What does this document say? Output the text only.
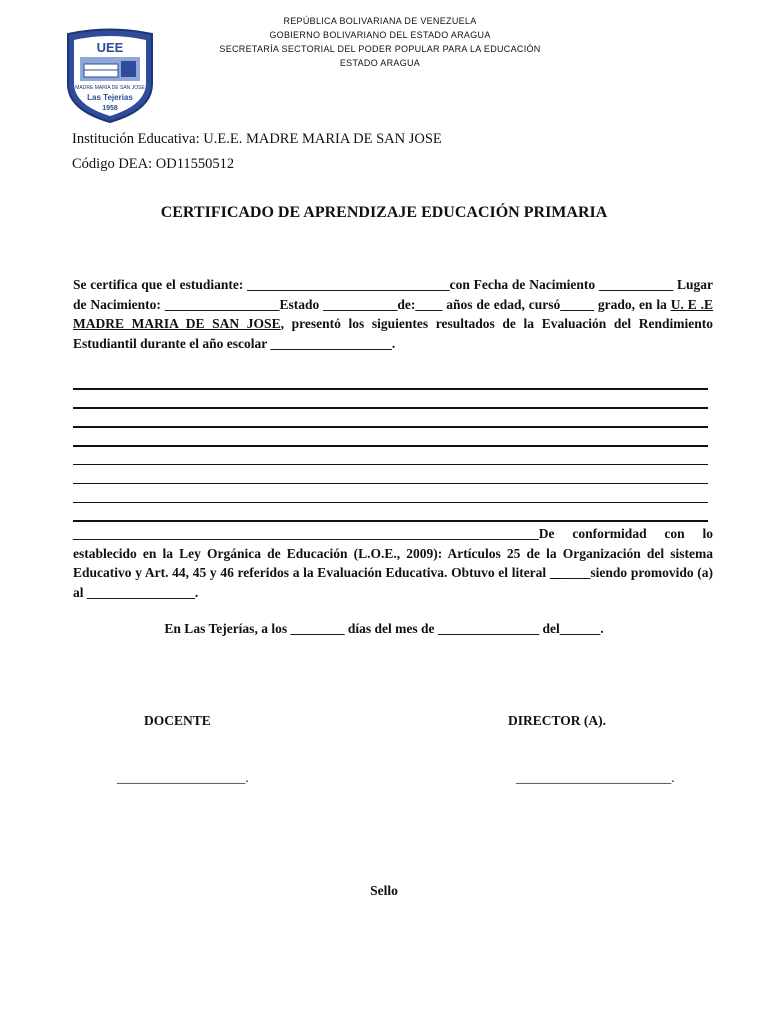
UEE
MADRE MARIA DE SAN JOSE
Las Tejerias
1958
REPÚBLICA BOLIVARIANA DE VENEZUELA
GOBIERNO BOLIVARIANO DEL ESTADO ARAGUA
SECRETARÍA SECTORIAL DEL PODER POPULAR PARA LA EDUCACIÓN
ESTADO ARAGUA
Institución Educativa: U.E.E. MADRE MARIA DE SAN JOSE
Código DEA: OD11550512
CERTIFICADO DE APRENDIZAJE EDUCACIÓN PRIMARIA

Se certifica que el estudiante: ______________________________con Fecha de Nacimiento ___________ Lugar de Nacimiento: _________________Estado ___________de:____ años de edad, cursó_____ grado, en la U. E .E MADRE MARIA DE SAN JOSE, presentó los siguientes resultados de la Evaluación del Rendimiento Estudiantil durante el año escolar __________________.

_____________________________________________________________________De conformidad con lo establecido en la Ley Orgánica de Educación (L.O.E., 2009): Artículos 25 de la Organización del sistema Educativo y Art. 44, 45 y 46 referidos a la Evaluación Educativa. Obtuvo el literal ______siendo promovido (a) al ________________.

En Las Tejerías, a los ________ días del mes de _______________ del______.
DOCENTE	DIRECTOR (A).
___________________.	_______________________.
Sello
